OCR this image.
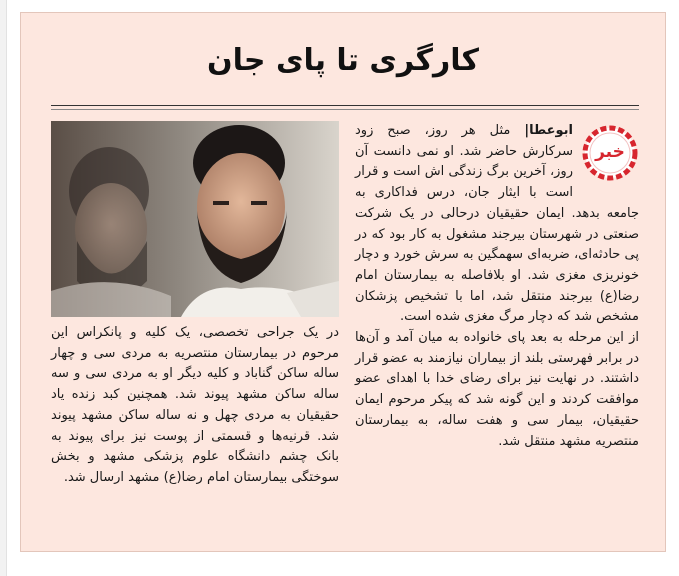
کارگری تا پای جان
خبر

ابوعطا| مثل هر روز، صبح زود سرکارش حاضر شد. او نمی دانست آن روز، آخرین برگ زندگی اش است و قرار است با ایثار جان، درس فداکاری به جامعه بدهد. ایمان حقیقیان درحالی در یک شرکت صنعتی در شهرستان بیرجند مشغول به کار بود که در پی حادثه‌ای، ضربه‌ای سهمگین به سرش خورد و دچار خونریزی مغزی شد. او بلافاصله به بیمارستان امام رضا(ع) بیرجند منتقل شد، اما با تشخیص پزشکان مشخص شد که دچار مرگ مغزی شده است.

از این مرحله به بعد پای خانواده به میان آمد و آن‌ها در برابر فهرستی بلند از بیماران نیازمند به عضو قرار داشتند. در نهایت نیز برای رضای خدا با اهدای عضو موافقت کردند و این گونه شد که پیکر مرحوم ایمان حقیقیان، بیمار سی و هفت ساله، به بیمارستان منتصریه مشهد منتقل شد.

در یک جراحی تخصصی، یک کلیه و پانکراس این مرحوم در بیمارستان منتصریه به مردی سی و چهار ساله ساکن گناباد و کلیه دیگر او به مردی سی و سه ساله ساکن مشهد پیوند شد. همچنین کبد زنده یاد حقیقیان به مردی چهل و نه ساله ساکن مشهد پیوند شد. قرنیه‌ها و قسمتی از پوست نیز برای پیوند به بانک چشم دانشگاه علوم پزشکی مشهد و بخش سوختگی بیمارستان امام رضا(ع) مشهد ارسال شد.
